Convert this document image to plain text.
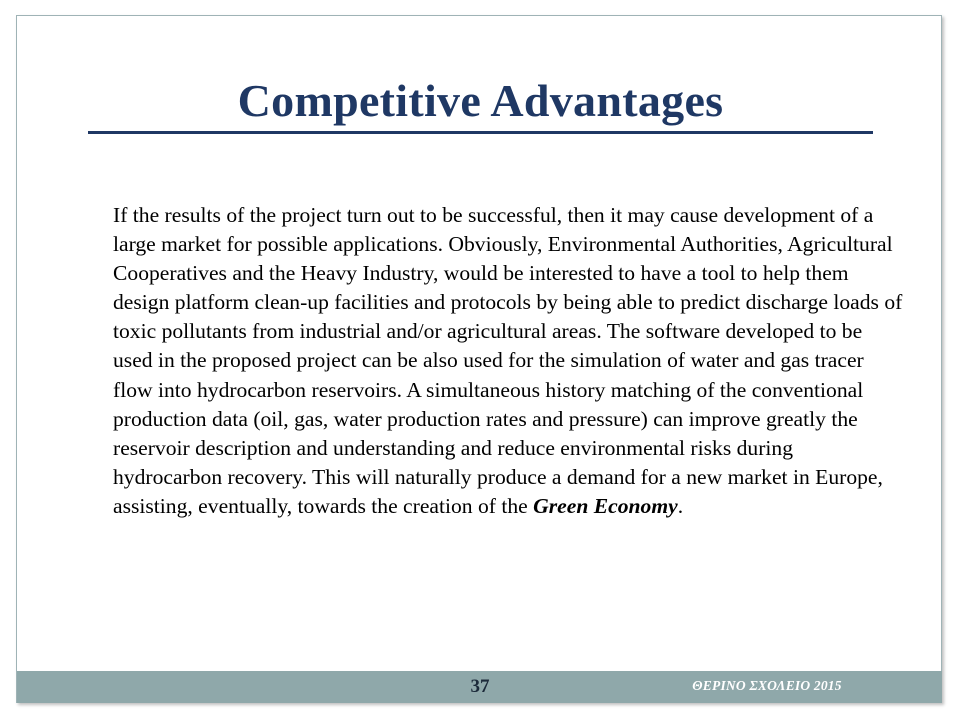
Competitive Advantages

If the results of the project turn out to be successful, then it may cause development of a large market for possible applications. Obviously, Environmental Authorities, Agricultural Cooperatives and the Heavy Industry, would be interested to have a tool to help them design platform clean-up facilities and protocols by being able to predict discharge loads of toxic pollutants from industrial and/or agricultural areas. The software developed to be used in the proposed project can be also used for the simulation of water and gas tracer flow into hydrocarbon reservoirs. A simultaneous history matching of the conventional production data (oil, gas, water production rates and pressure) can improve greatly the reservoir description and understanding and reduce environmental risks during hydrocarbon recovery. This will naturally produce a demand for a new market in Europe, assisting, eventually, towards the creation of the Green Economy.

37	ΘΕΡΙΝΟ ΣΧΟΛΕΙΟ 2015
